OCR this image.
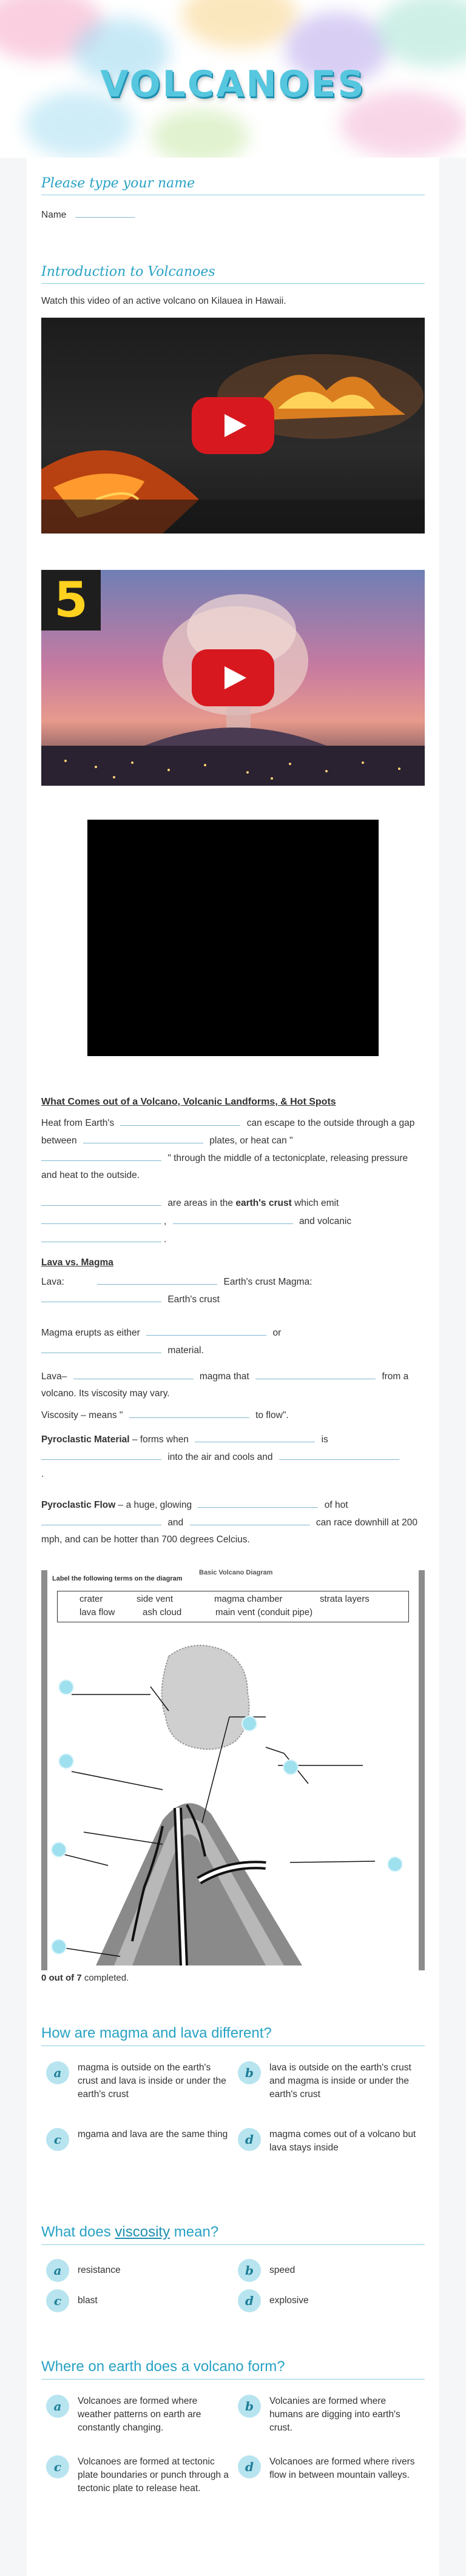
VOLCANOES
Please type your name
Name
Introduction to Volcanoes
Watch this video of an active volcano on Kilauea in Hawaii.
5
What Comes out of a Volcano, Volcanic Landforms, & Hot Spots
Heat from Earth's	can escape to the outside through a gap between	plates, or heat can "
" through the middle of a tectonicplate, releasing pressure and heat to the outside.
are areas in the earth's crust which emit
,	and volcanic
.
Lava vs. Magma
Lava:	Earth's crust Magma:
Earth's crust
Magma erupts as either	or
material.
Lava–	magma that	from a volcano. Its viscosity may vary.
Viscosity – means "	to flow".
Pyroclastic Material – forms when	is
into the air and cools and
.
Pyroclastic Flow – a huge, glowing	of hot
and	can race downhill at 200 mph, and can be hotter than 700 degrees Celcius.
Label the following terms on the diagram
Basic Volcano Diagram
crater	side vent	magma chamber	strata layers
lava flow	ash cloud	main vent (conduit pipe)
0 out of 7 completed.
How are magma and lava different?
a	magma is outside on the earth's crust and lava is inside or under the earth's crust
b	lava is outside on the earth's crust and magma is inside or under the earth's crust
c	mgama and lava are the same thing	d	magma comes out of a volcano but lava stays inside
What does viscosity mean?
a	resistance	b	speed
c	blast	d	explosive
Where on earth does a volcano form?
a	Volcanoes are formed where weather patterns on earth are constantly changing.
b	Volcanies are formed where humans are digging into earth's crust.
c	Volcanoes are formed at tectonic plate boundaries or punch through a tectonic plate to release heat.
d	Volcanoes are formed where rivers flow in between mountain valleys.
